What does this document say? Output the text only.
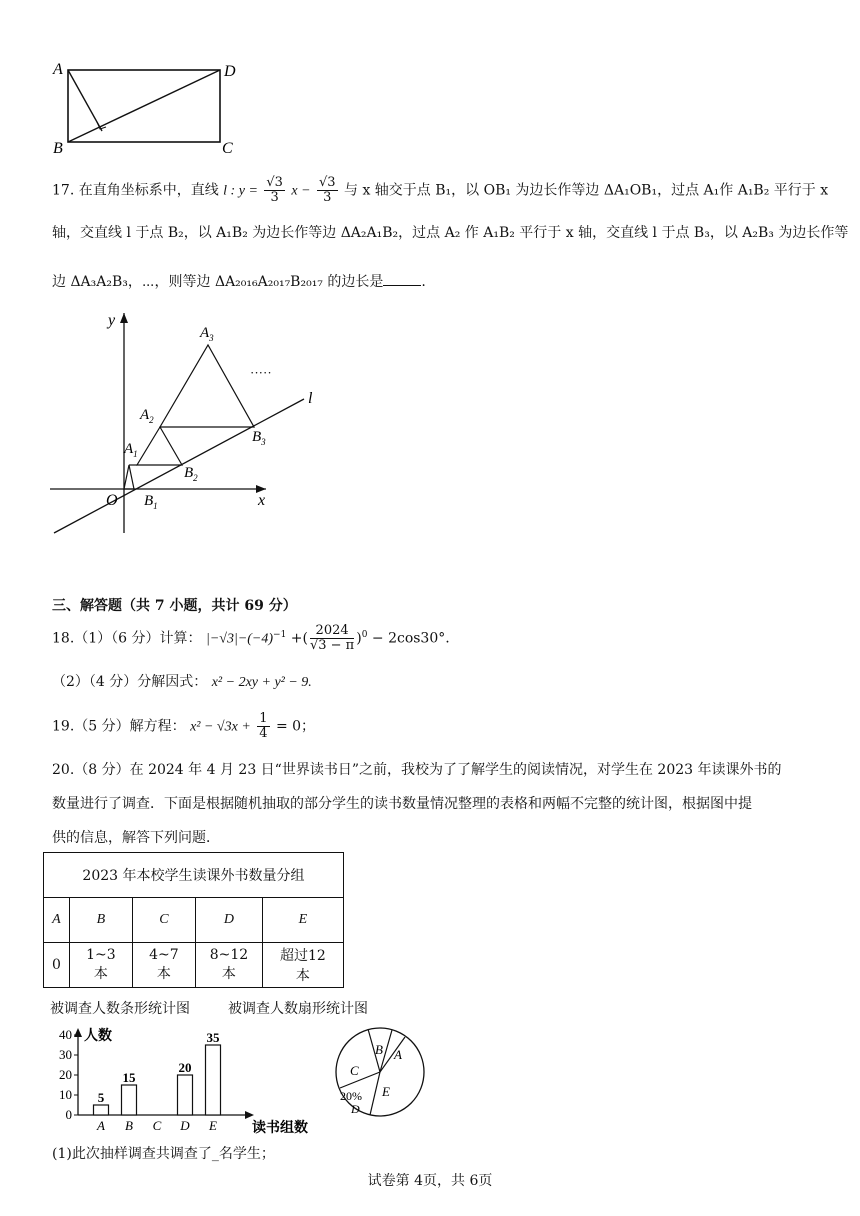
A	D
B	C
17. 在直角坐标系中，直线 l : $y = \frac{√3}{3}$ $x - \frac{√3}{3}$ 与 x 轴交于点 B₁，以 OB₁ 为边长作等边 ΔA₁OB₁，过点 A₁作 A₁B₂ 平行于 x
轴，交直线 l 于点 B₂，以 A₁B₂ 为边长作等边 ΔA₂A₁B₂，过点 A₂ 作 A₁B₂ 平行于 x 轴，交直线 l 于点 B₃，以 A₂B₃ 为边长作等
边 ΔA₃A₂B₃，⋯，则等边 ΔA₂₀₁₆A₂₀₁₇B₂₀₁₇ 的边长是	.
y
x
O
l
·····
$A_1$
$A_2$
$A_3$
$B_1$
$B_2$
$B_3$
三、解答题（共 7 小题，共计 69 分）
18.（1）（6 分）计算： $|-√3|-(-4)^{-1}$ +( $\frac{2024}{√3 - \pi} )^0 - 2\cos 30^\circ$.
（2）（4 分）分解因式： x² − 2xy + y² − 9.
19.（5 分）解方程： $x^2 - √3x + \frac{1}{4} = 0$；
20.（8 分）在 2024 年 4 月 23 日“世界读书日”之前，我校为了了解学生的阅读情况，对学生在 2023 年读课外书的
数量进行了调查．下面是根据随机抽取的部分学生的读书数量情况整理的表格和两幅不完整的统计图，根据图中提
供的信息，解答下列问题．
2023 年本校学生读课外书数量分组				
A	B	C	D	E
0	1~3 本	4~7 本	8~12 本	超过12 本
被调查人数条形统计图	被调查人数扇形统计图
人数
读书组数
0
10
20
30
40
5
A
15
B C
20
D
35
E
B A
C
E
20%
D
(1)此次抽样调查共调查了_名学生；
试卷第 4页，共 6页
